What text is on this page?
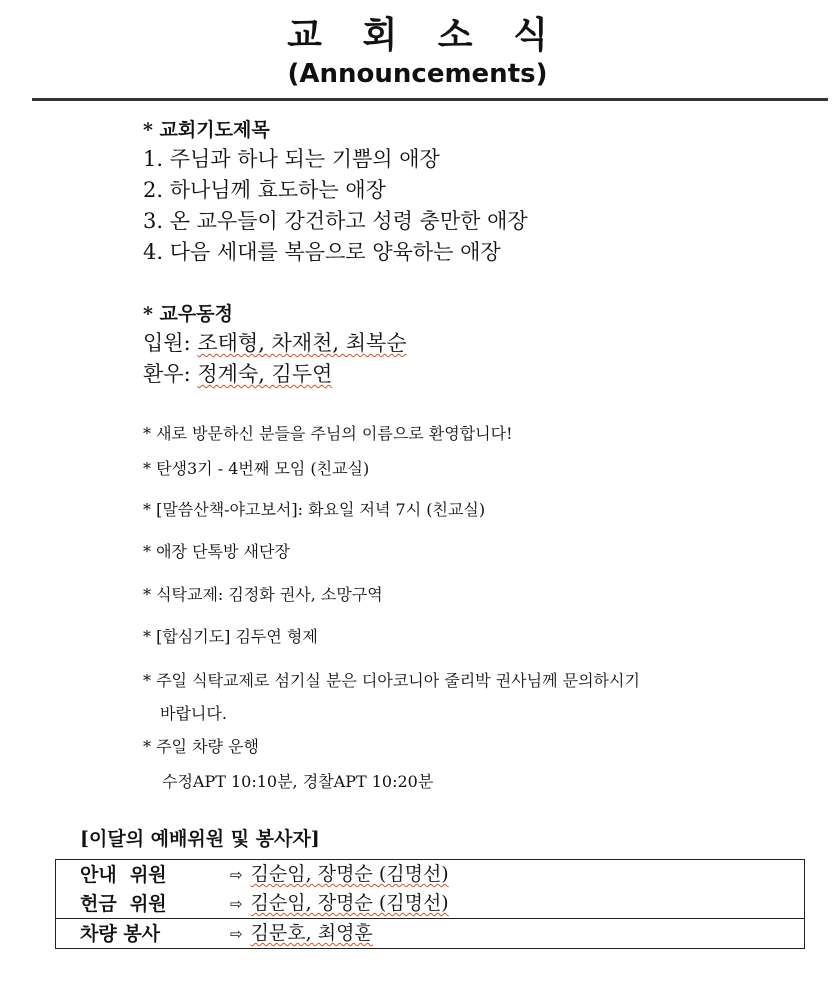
교 회 소 식
(Announcements)
* 교회기도제목
1. 주님과 하나 되는 기쁨의 애장
2. 하나님께 효도하는 애장
3. 온 교우들이 강건하고 성령 충만한 애장
4. 다음 세대를 복음으로 양육하는 애장
* 교우동정
입원: 조태형, 차재천, 최복순
환우: 정계숙, 김두연
* 새로 방문하신 분들을 주님의 이름으로 환영합니다!
* 탄생3기 - 4번째 모임 (친교실)
* [말씀산책-야고보서]: 화요일 저녁 7시 (친교실)
* 애장 단톡방 새단장
* 식탁교제: 김정화 권사, 소망구역
* [합심기도] 김두연 형제
* 주일 식탁교제로 섬기실 분은 디아코니아 줄리박 권사님께 문의하시기
바랍니다.
* 주일 차량 운행
수정APT 10:10분, 경찰APT 10:20분
[이달의 예배위원 및 봉사자]
안내  위원	⇨ 김순임, 장명순 (김명선)
헌금  위원	⇨ 김순임, 장명순 (김명선)
차량 봉사	⇨ 김문호, 최영훈
